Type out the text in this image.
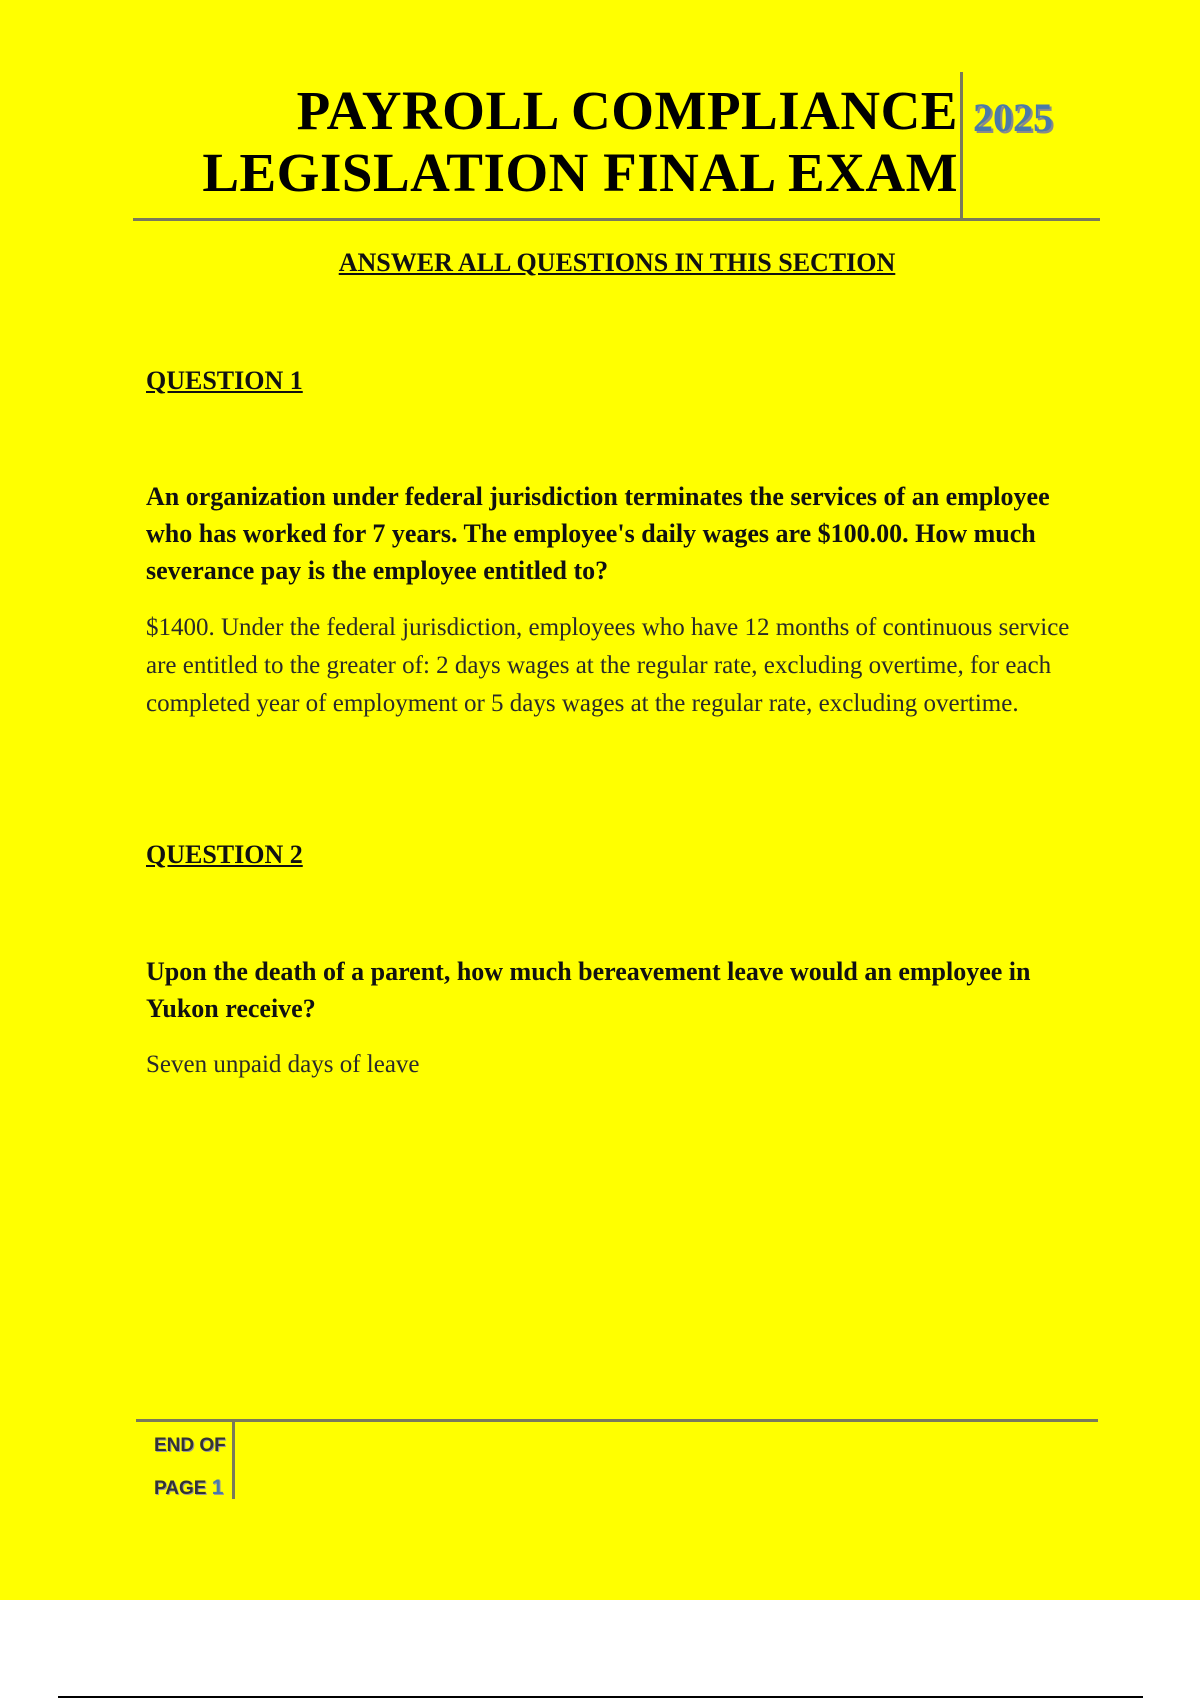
PAYROLL COMPLIANCE
LEGISLATION FINAL EXAM
2025
ANSWER ALL QUESTIONS IN THIS SECTION
QUESTION 1
An organization under federal jurisdiction terminates the services of an employee who has worked for 7 years. The employee's daily wages are $100.00. How much severance pay is the employee entitled to?
$1400. Under the federal jurisdiction, employees who have 12 months of continuous service are entitled to the greater of: 2 days wages at the regular rate, excluding overtime, for each completed year of employment or 5 days wages at the regular rate, excluding overtime.
QUESTION 2
Upon the death of a parent, how much bereavement leave would an employee in Yukon receive?
Seven unpaid days of leave
END OF
PAGE 1
